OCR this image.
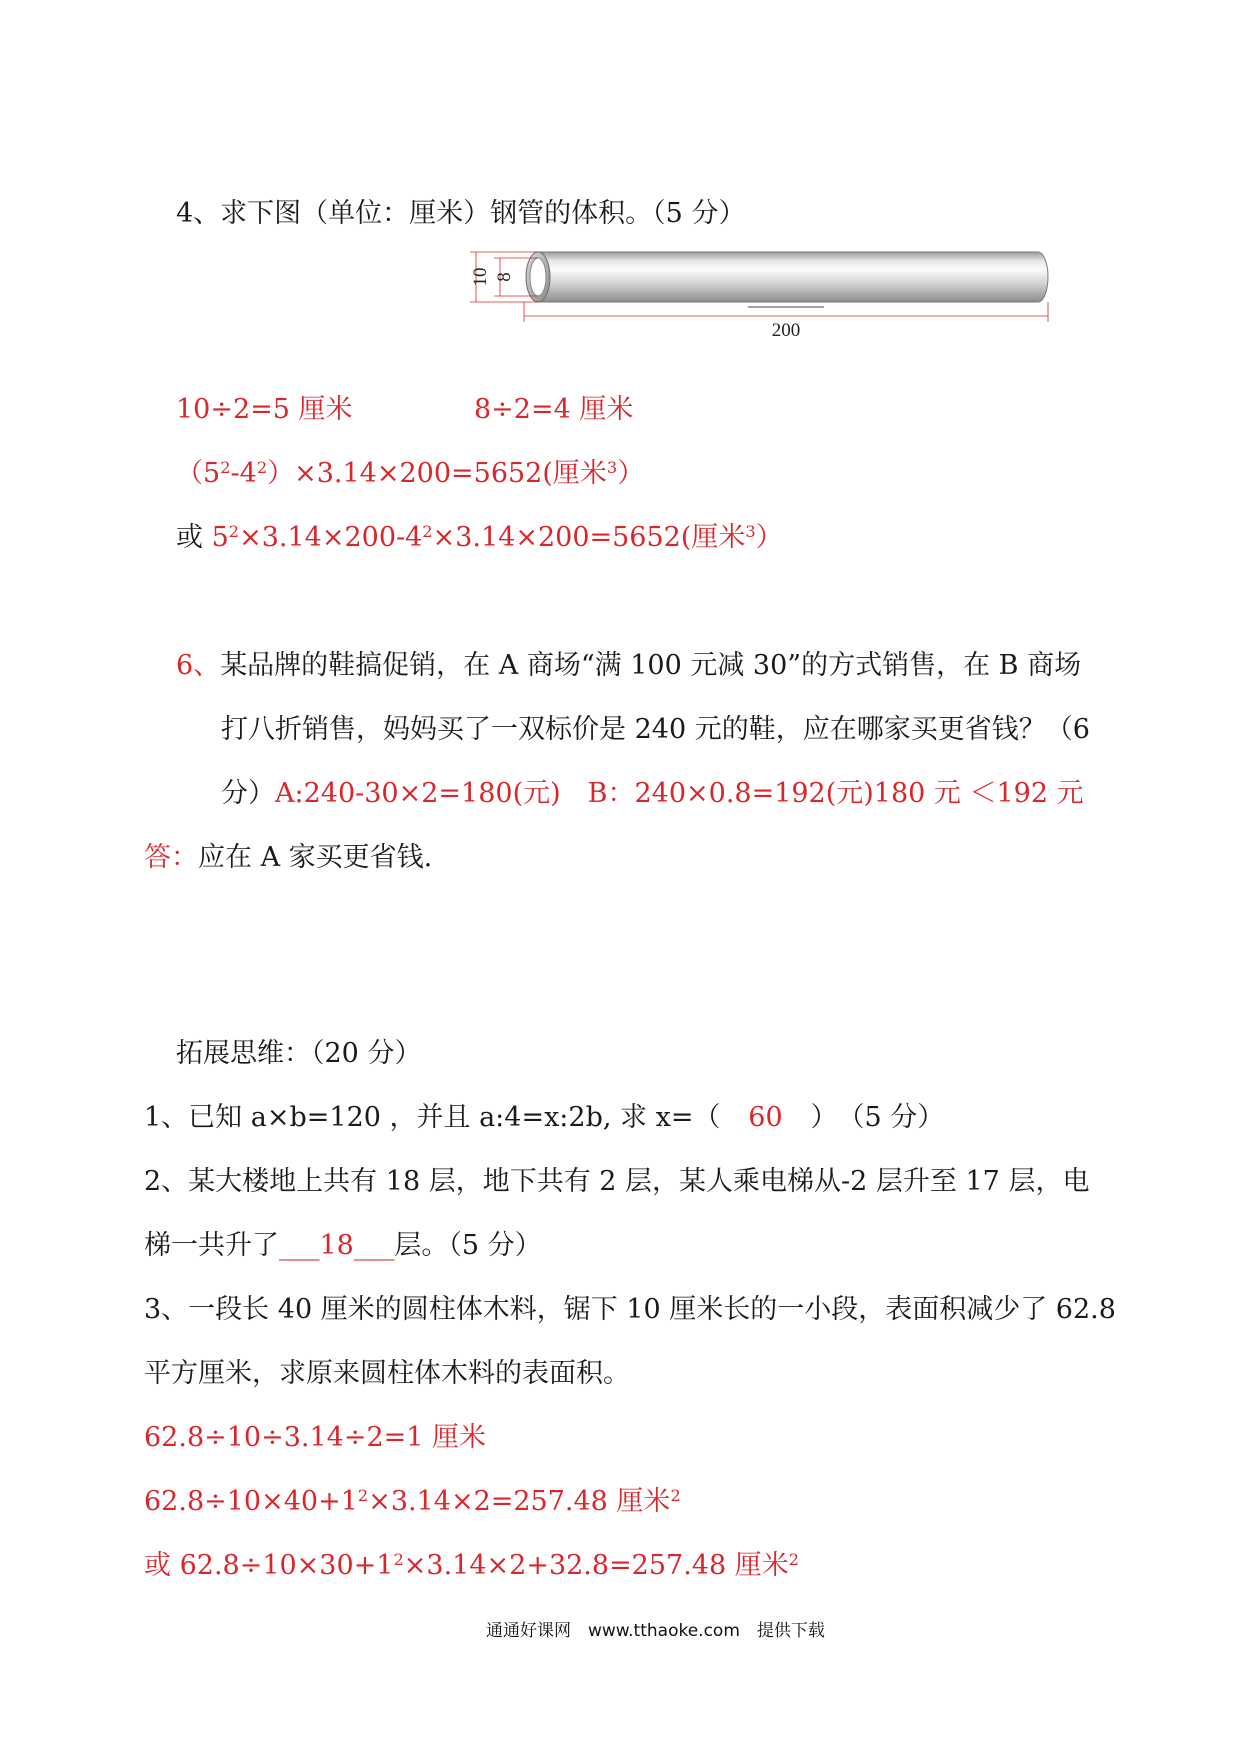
4、求下图（单位：厘米）钢管的体积。（5 分）
10 8
200
10÷2=5 厘米	8÷2=4 厘米
$(5^2-4^2)\times 3.14\times 200=5652$(厘米$^3$）
或 $5^2\times 3.14\times 200-4^2\times 3.14\times 200=5652$(厘米$^3$）
6、某品牌的鞋搞促销，在 A 商场“满 100 元减 30”的方式销售，在 B 商场
打八折销售，妈妈买了一双标价是 240 元的鞋，应在哪家买更省钱？（6
分）A:240-30×2=180(元)　B：240×0.8=192(元)180 元 ＜192 元
答：应在 A 家买更省钱.
拓展思维：（20 分）
1、已知 a×b=120 ，并且 a:4=x:2b, 求 x=（ 60 ）　（5 分）
2、某大楼地上共有 18 层，地下共有 2 层，某人乘电梯从-2 层升至 17 层，电
梯一共升了___18___层。（5 分）
3、一段长 40 厘米的圆柱体木料，锯下 10 厘米长的一小段，表面积减少了 62.8
平方厘米，求原来圆柱体木料的表面积。
62.8÷10÷3.14÷2=1 厘米
$62.8\div 10\times 40+1^2\times 3.14\times 2=257.48$ 厘米$^2$
或 $62.8\div 10\times 30+1^2\times 3.14\times 2+32.8=257.48$ 厘米$^2$
通通好课网　www.tthaoke.com　提供下载
